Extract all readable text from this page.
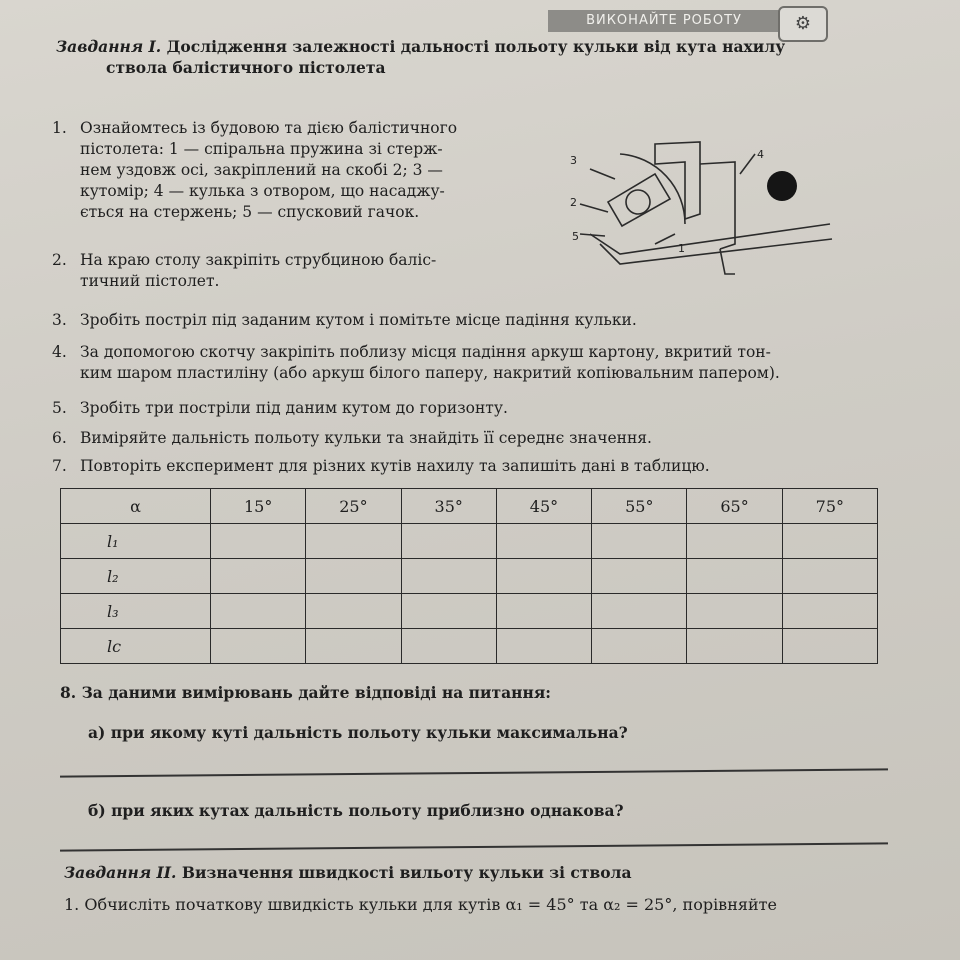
ВИКОНАЙТЕ РОБОТУ	⚙
Завдання I. Дослідження залежності дальності польоту кульки від кута нахилу
ствола балістичного пістолета
1. Ознайомтесь із будовою та дією балістичного
пістолета: 1 — спіральна пружина зі стерж-
нем уздовж осі, закріплений на скобі 2; 3 —
кутомір; 4 — кулька з отвором, що насаджу-
ється на стержень; 5 — спусковий гачок.
2. На краю столу закріпіть струбциною баліс-
тичний пістолет.
3. Зробіть постріл під заданим кутом і помітьте місце падіння кульки.
4. За допомогою скотчу закріпіть поблизу місця падіння аркуш картону, вкритий тон-
ким шаром пластиліну (або аркуш білого паперу, накритий копіювальним папером).
5. Зробіть три постріли під даним кутом до горизонту.
6. Виміряйте дальність польоту кульки та знайдіть її середнє значення.
7. Повторіть експеримент для різних кутів нахилу та запишіть дані в таблицю.
3	4
2
5
1
α	15°	25°	35°	45°	55°	65°	75°
l₁							
l₂							
l₃							
lс							
8. За даними вимірювань дайте відповіді на питання:
а) при якому куті дальність польоту кульки максимальна?
б) при яких кутах дальність польоту приблизно однакова?
Завдання II. Визначення швидкості вильоту кульки зі ствола
1. Обчисліть початкову швидкість кульки для кутів α₁ = 45° та α₂ = 25°, порівняйте
